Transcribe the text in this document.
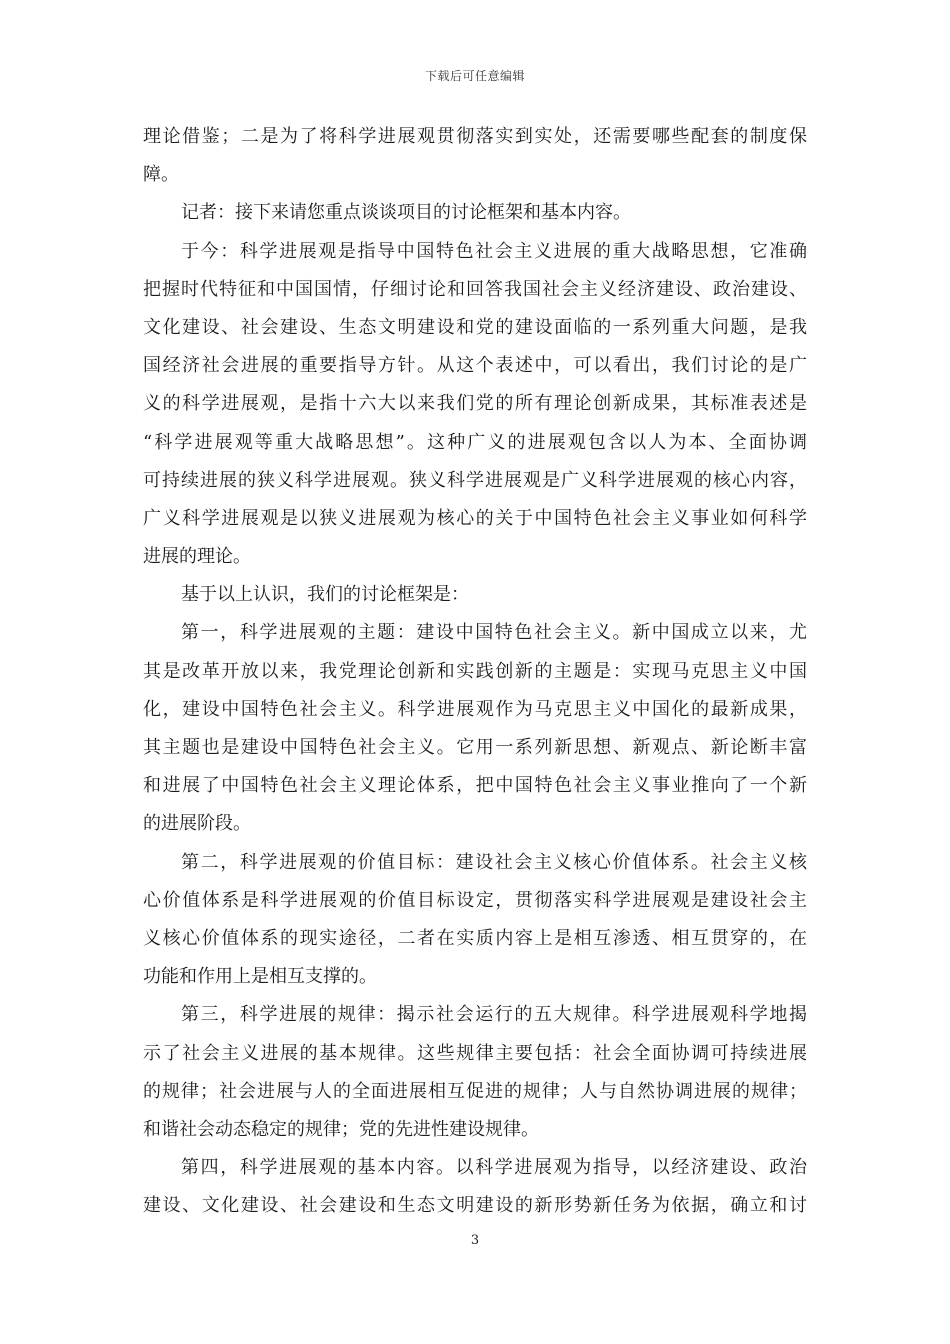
下载后可任意编辑
理论借鉴；二是为了将科学进展观贯彻落实到实处，还需要哪些配套的制度保
障。
记者：接下来请您重点谈谈项目的讨论框架和基本内容。
于今：科学进展观是指导中国特色社会主义进展的重大战略思想，它准确
把握时代特征和中国国情，仔细讨论和回答我国社会主义经济建设、政治建设、
文化建设、社会建设、生态文明建设和党的建设面临的一系列重大问题，是我
国经济社会进展的重要指导方针。从这个表述中，可以看出，我们讨论的是广
义的科学进展观，是指十六大以来我们党的所有理论创新成果，其标准表述是
“科学进展观等重大战略思想”。这种广义的进展观包含以人为本、全面协调
可持续进展的狭义科学进展观。狭义科学进展观是广义科学进展观的核心内容，
广义科学进展观是以狭义进展观为核心的关于中国特色社会主义事业如何科学
进展的理论。
基于以上认识，我们的讨论框架是：
第一，科学进展观的主题：建设中国特色社会主义。新中国成立以来，尤
其是改革开放以来，我党理论创新和实践创新的主题是：实现马克思主义中国
化，建设中国特色社会主义。科学进展观作为马克思主义中国化的最新成果，
其主题也是建设中国特色社会主义。它用一系列新思想、新观点、新论断丰富
和进展了中国特色社会主义理论体系，把中国特色社会主义事业推向了一个新
的进展阶段。
第二，科学进展观的价值目标：建设社会主义核心价值体系。社会主义核
心价值体系是科学进展观的价值目标设定，贯彻落实科学进展观是建设社会主
义核心价值体系的现实途径，二者在实质内容上是相互渗透、相互贯穿的，在
功能和作用上是相互支撑的。
第三，科学进展的规律：揭示社会运行的五大规律。科学进展观科学地揭
示了社会主义进展的基本规律。这些规律主要包括：社会全面协调可持续进展
的规律；社会进展与人的全面进展相互促进的规律；人与自然协调进展的规律；
和谐社会动态稳定的规律；党的先进性建设规律。
第四，科学进展观的基本内容。以科学进展观为指导，以经济建设、政治
建设、文化建设、社会建设和生态文明建设的新形势新任务为依据，确立和讨
3
